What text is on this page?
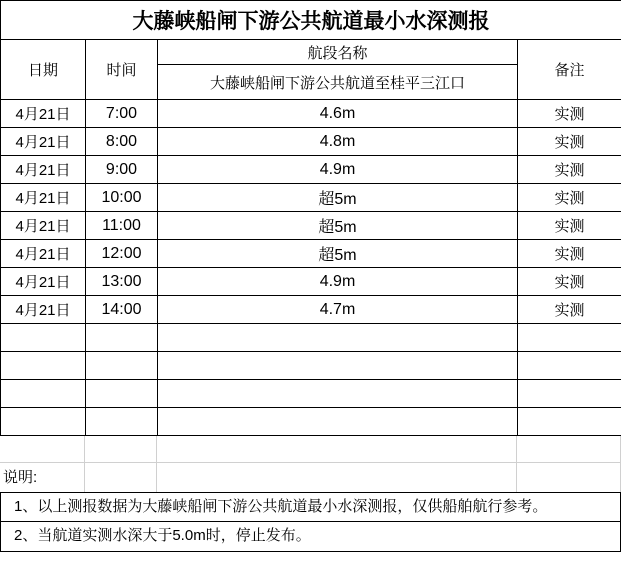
大藤峡船闸下游公共航道最小水深测报			
日期	时间	航段名称	备注
		大藤峡船闸下游公共航道至桂平三江口	
4月21日	7:00	4.6m	实测
4月21日	8:00	4.8m	实测
4月21日	9:00	4.9m	实测
4月21日	10:00	超5m	实测
4月21日	11:00	超5m	实测
4月21日	12:00	超5m	实测
4月21日	13:00	4.9m	实测
4月21日	14:00	4.7m	实测

说明:
1、以上测报数据为大藤峡船闸下游公共航道最小水深测报，仅供船舶航行参考。
2、当航道实测水深大于5.0m时，停止发布。
